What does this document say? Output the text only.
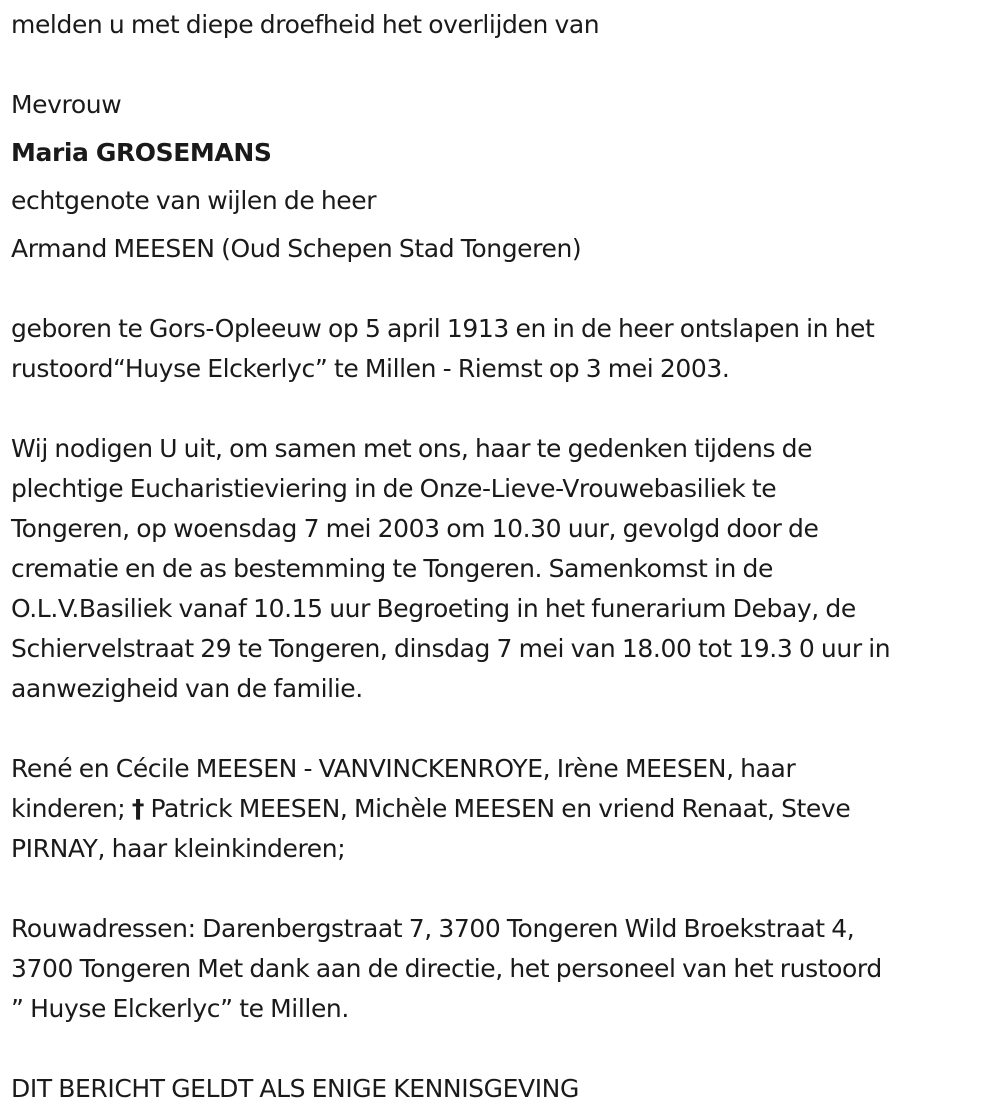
melden u met diepe droefheid het overlijden van
Mevrouw
Maria GROSEMANS
echtgenote van wijlen de heer
Armand MEESEN (Oud Schepen Stad Tongeren)
geboren te Gors-Opleeuw op 5 april 1913 en in de heer ontslapen in het
rustoord“Huyse Elckerlyc” te Millen - Riemst op 3 mei 2003.
Wij nodigen U uit, om samen met ons, haar te gedenken tijdens de
plechtige Eucharistieviering in de Onze-Lieve-Vrouwebasiliek te
Tongeren, op woensdag 7 mei 2003 om 10.30 uur, gevolgd door de
crematie en de as bestemming te Tongeren. Samenkomst in de
O.L.V.Basiliek vanaf 10.15 uur Begroeting in het funerarium Debay, de
Schiervelstraat 29 te Tongeren, dinsdag 7 mei van 18.00 tot 19.3 0 uur in
aanwezigheid van de familie.
René en Cécile MEESEN - VANVINCKENROYE, Irène MEESEN, haar
kinderen; † Patrick MEESEN, Michèle MEESEN en vriend Renaat, Steve
PIRNAY, haar kleinkinderen;
Rouwadressen: Darenbergstraat 7, 3700 Tongeren Wild Broekstraat 4,
3700 Tongeren Met dank aan de directie, het personeel van het rustoord
” Huyse Elckerlyc” te Millen.
DIT BERICHT GELDT ALS ENIGE KENNISGEVING
